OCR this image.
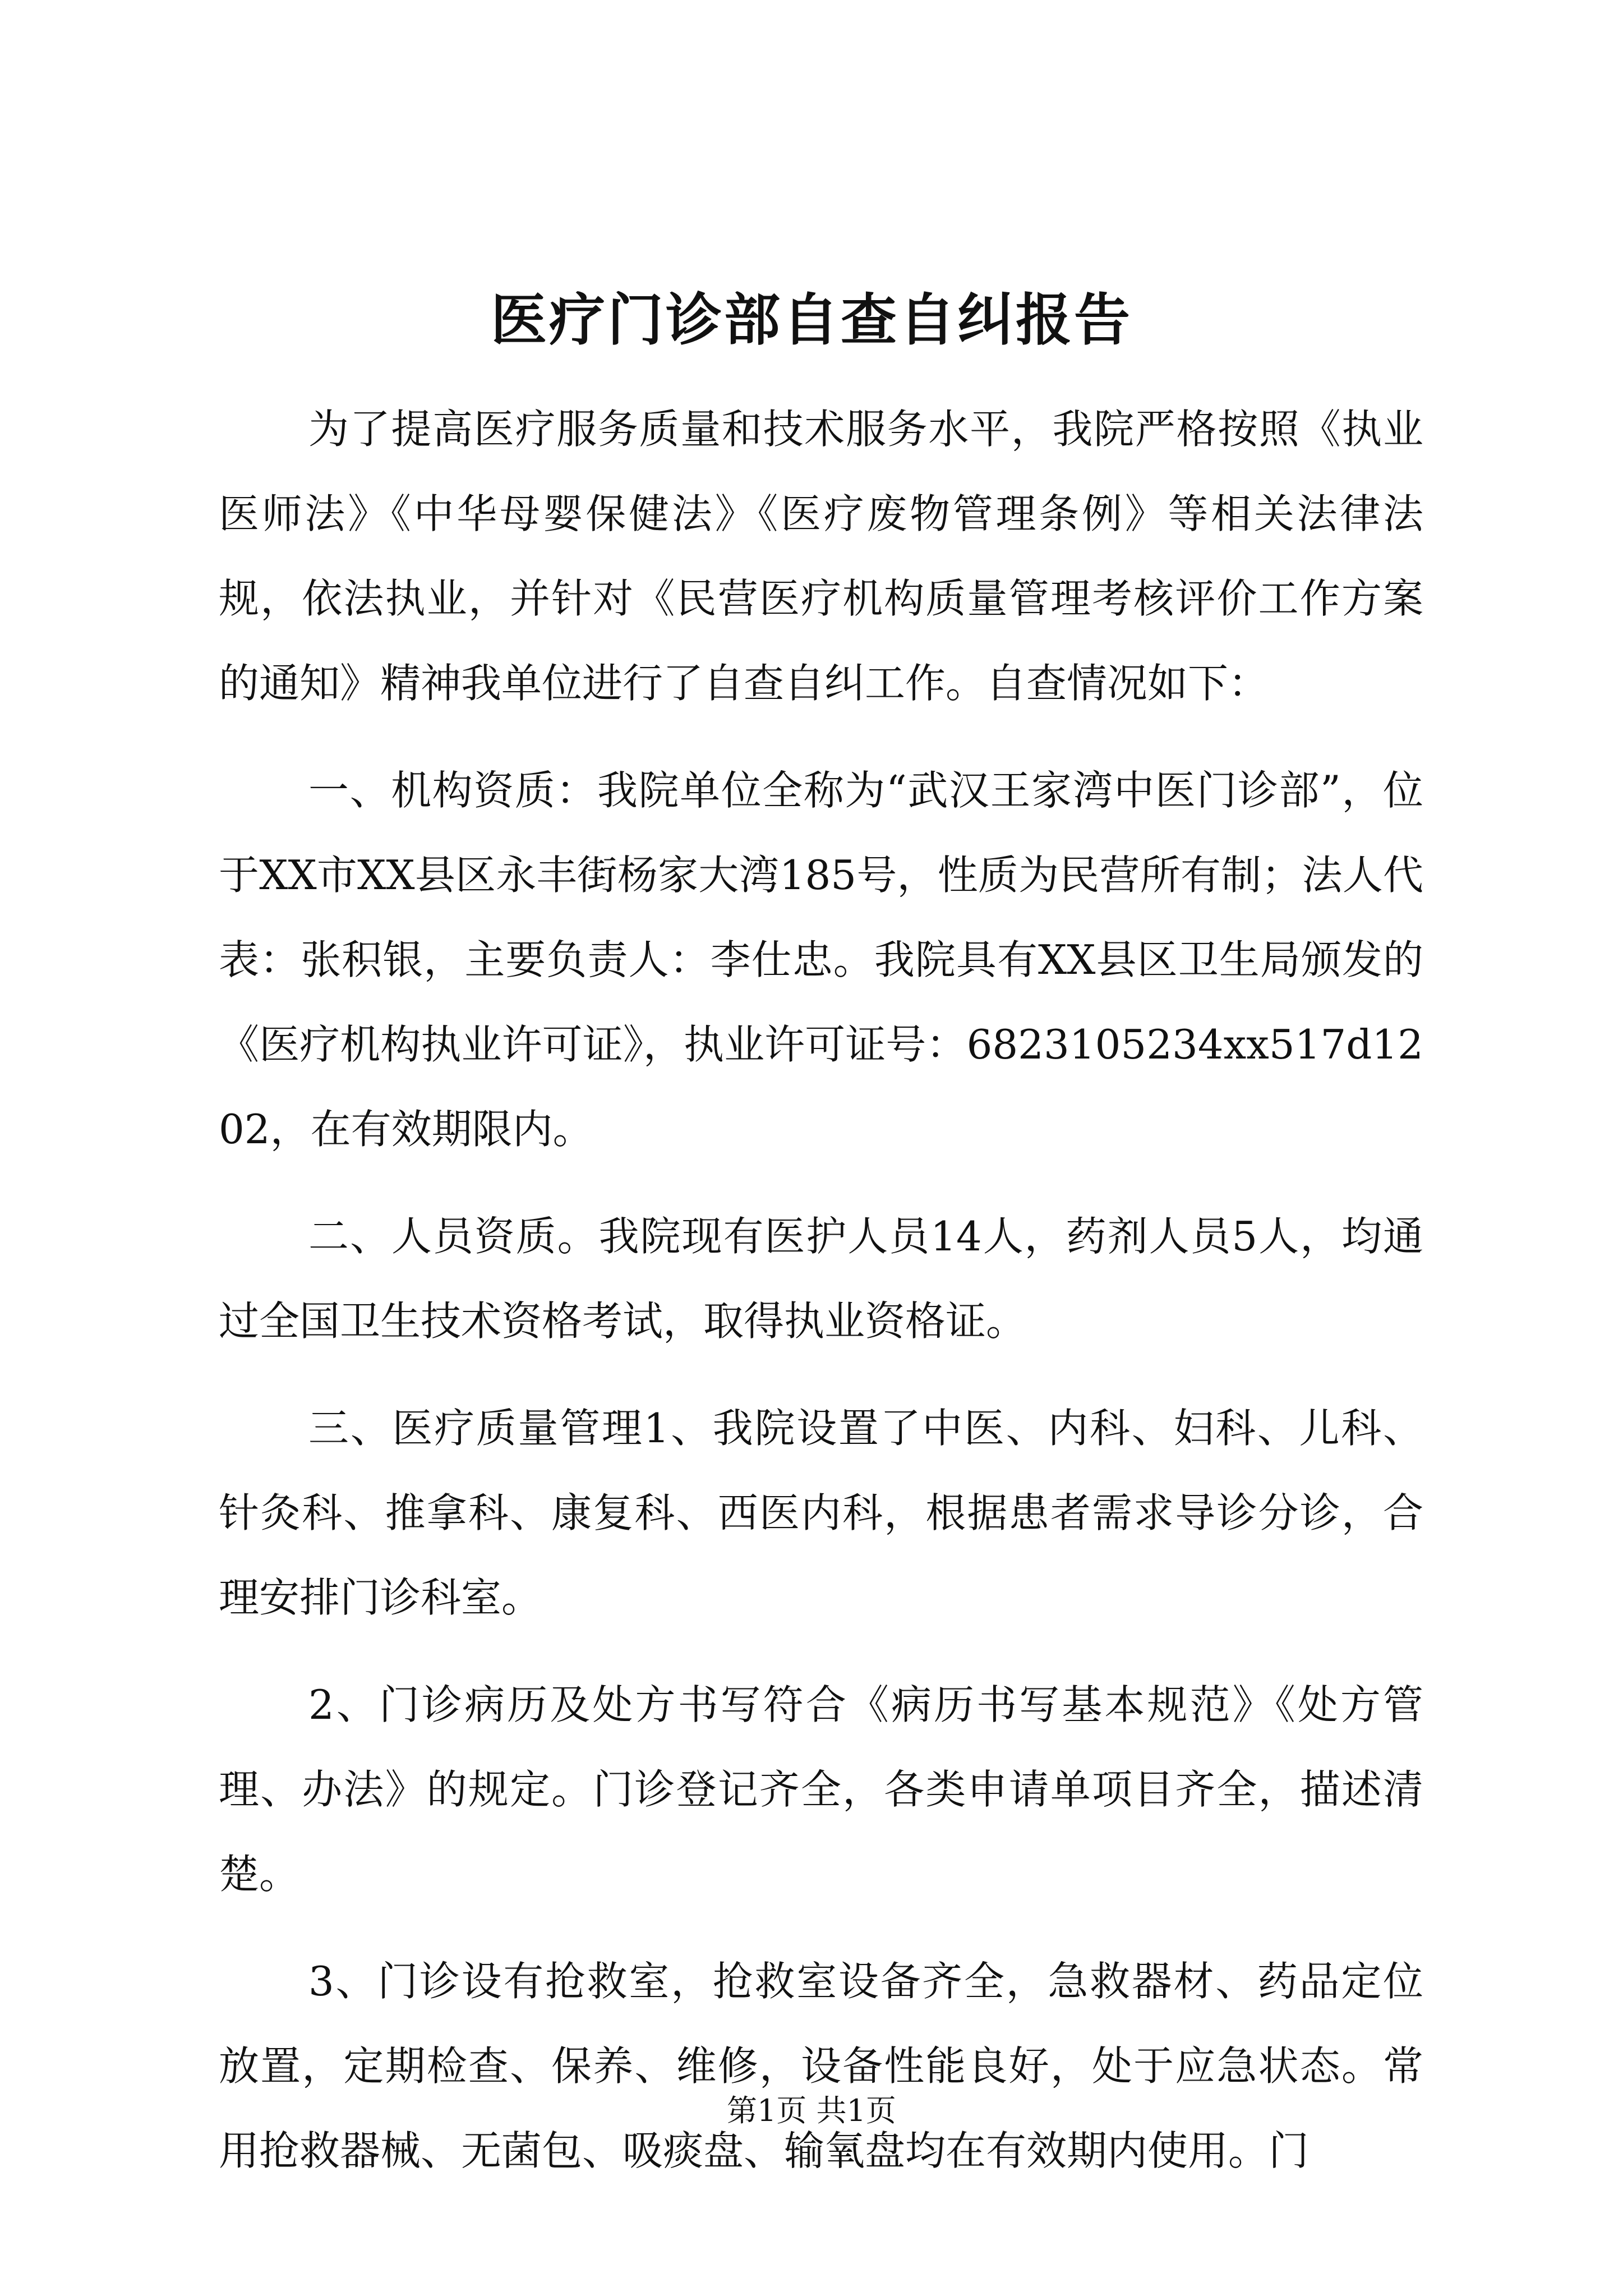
医疗门诊部自查自纠报告

为了提高医疗服务质量和技术服务水平，我院严格按照《执业医师法》《中华母婴保健法》《医疗废物管理条例》等相关法律法规，依法执业，并针对《民营医疗机构质量管理考核评价工作方案的通知》精神我单位进行了自查自纠工作。自查情况如下：

一、机构资质：我院单位全称为“武汉王家湾中医门诊部”，位于XX市XX县区永丰街杨家大湾185号，性质为民营所有制；法人代表：张积银，主要负责人：李仕忠。我院具有XX县区卫生局颁发的《医疗机构执业许可证》，执业许可证号：6823105234xx517d1202，在有效期限内。

二、人员资质。我院现有医护人员14人，药剂人员5人，均通过全国卫生技术资格考试，取得执业资格证。

三、医疗质量管理1、我院设置了中医、内科、妇科、儿科、针灸科、推拿科、康复科、西医内科，根据患者需求导诊分诊，合理安排门诊科室。

2、门诊病历及处方书写符合《病历书写基本规范》《处方管理、办法》的规定。门诊登记齐全，各类申请单项目齐全，描述清楚。

3、门诊设有抢救室，抢救室设备齐全，急救器材、药品定位放置，定期检查、保养、维修，设备性能良好，处于应急状态。常用抢救器械、无菌包、吸痰盘、输氧盘均在有效期内使用。门

第1页 共1页
